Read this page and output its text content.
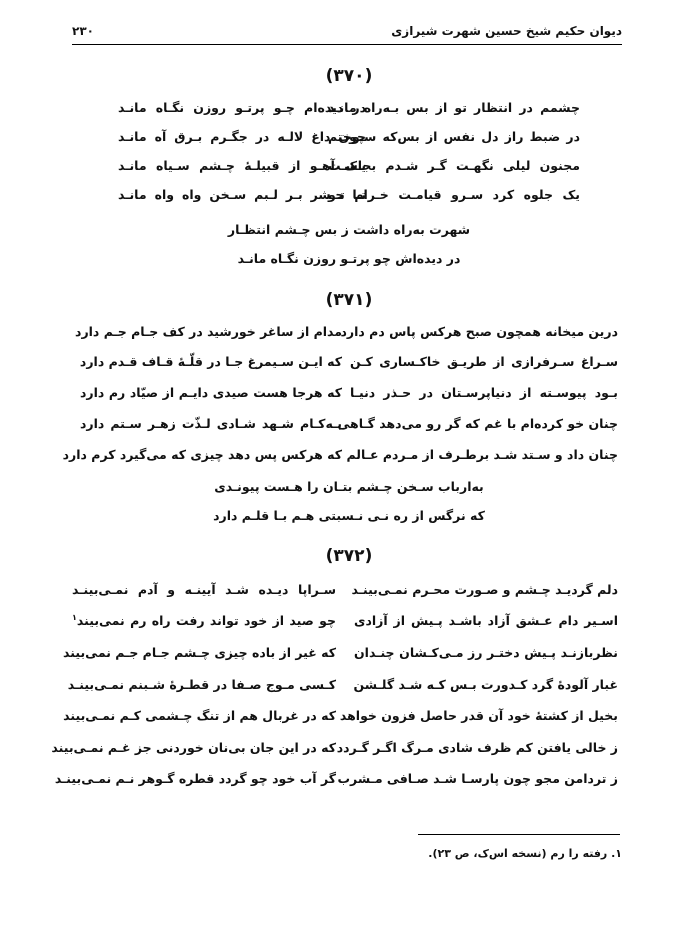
دیوان حکیم شیخ حسین شهرت شیرازی
۲۳۰
(۳۷۰)
چشمم در انتظار تو از بس بـه‌راه مانـد
در دیده‌ام چـو پرتـو روزن نگـاه مانـد
در ضبط راز دل نفس از بس‌که سـوختم
چون داغ لالـه در جگـرم بـرق آه مانـد
مجنون لیلی نگهـت گـر شـدم بجاسـت
یـک آهـو از قبیلـهٔ چـشم سـیاه مانـد
یک جلوه کرد سـرو قیامـت خـرام تـو
تـا حـشر بـر لـبم سـخن واه واه مانـد
شهرت به‌راه داشت ز بس چـشم انتظـار
در دیده‌اش چو پرتـو روزن نگـاه مانـد
(۳۷۱)
درین میخانه همچون صبح هرکس پاس دم دارد
مدام از ساغر خورشید در کف جـام جـم دارد
سـراغ سـرفرازی از طریـق خاکـساری کـن
که ایـن سـیمرغ جـا در قلّـهٔ قـاف قـدم دارد
بـود پیوسـته از دنیاپرسـتان در حـذر دنیـا
که هرجا هست صیدی دایـم از صیّاد رم دارد
چنان خو کرده‌ام با غم که گر رو می‌دهد گـاهی
بـه‌کـام شـهد شـادی لـذّت زهـر سـتم دارد
چنان داد و سـتد شـد برطـرف از مـردم عـالم
که هرکس پس دهد چیزی که می‌گیرد کرم دارد
به‌ارباب سـخن چـشم بتـان را هـست پیونـدی
که نرگس از ره نـی نـسبتی هـم بـا قلـم دارد
(۳۷۲)
دلم گردیـد چـشم و صـورت محـرم نمـی‌بینـد
سـراپا دیـده شـد آیینـه و آدم نمـی‌بینـد
اسـیر دام عـشق آزاد باشـد پـیش از آزادی
چو صید از خود تواند رفت راه رم نمی‌بیند$^۱$
نظربازنـد پـیش دختـر رز مـی‌کـشان چنـدان
که غیر از باده چیزی چـشم جـام جـم نمی‌بیند
غبار آلودهٔ گرد کـدورت بـس کـه شـد گلـشن
کـسی مـوج صـفا در قطـرهٔ شـبنم نمـی‌بینـد
بخیل از کشتهٔ خود آن قدر حاصل فزون خواهد
که در غربال هم از تنگ چـشمی کـم نمـی‌بیند
ز خالی یافتن کم ظرف شادی مـرگ اگـر گـردد
که در این جان بی‌نان خوردنی جز غـم نمـی‌بیند
ز تردامن مجو چون پارسـا شـد صـافی مـشرب
گر آب خود چو گردد قطره گـوهر نـم نمـی‌بینـد
۱. رفته را رم (نسخه اس‌ک، ص ۲۳).
